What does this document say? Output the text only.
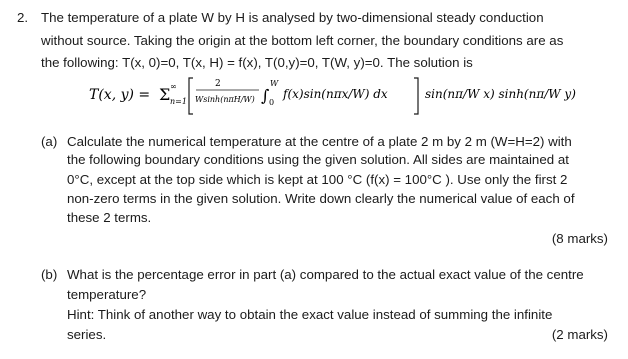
2. The temperature of a plate W by H is analysed by two-dimensional steady conduction
without source. Taking the origin at the bottom left corner, the boundary conditions are as
the following: T(x, 0)=0, T(x, H) = f(x), T(0,y)=0, T(W, y)=0. The solution is
T(x, y) = Σ ∞
n=1
2
Wsinh(nπH/W) ∫
W
0
f(x)sin(nπx/W) dx	sin(nπ/W x) sinh(nπ/W y)
(a) Calculate the numerical temperature at the centre of a plate 2 m by 2 m (W=H=2) with
the following boundary conditions using the given solution. All sides are maintained at
0°C, except at the top side which is kept at 100 °C (f(x) = 100°C ). Use only the first 2
non-zero terms in the given solution. Write down clearly the numerical value of each of
these 2 terms.
(8 marks)
(b) What is the percentage error in part (a) compared to the actual exact value of the centre
temperature?
Hint: Think of another way to obtain the exact value instead of summing the infinite
series.	(2 marks)
